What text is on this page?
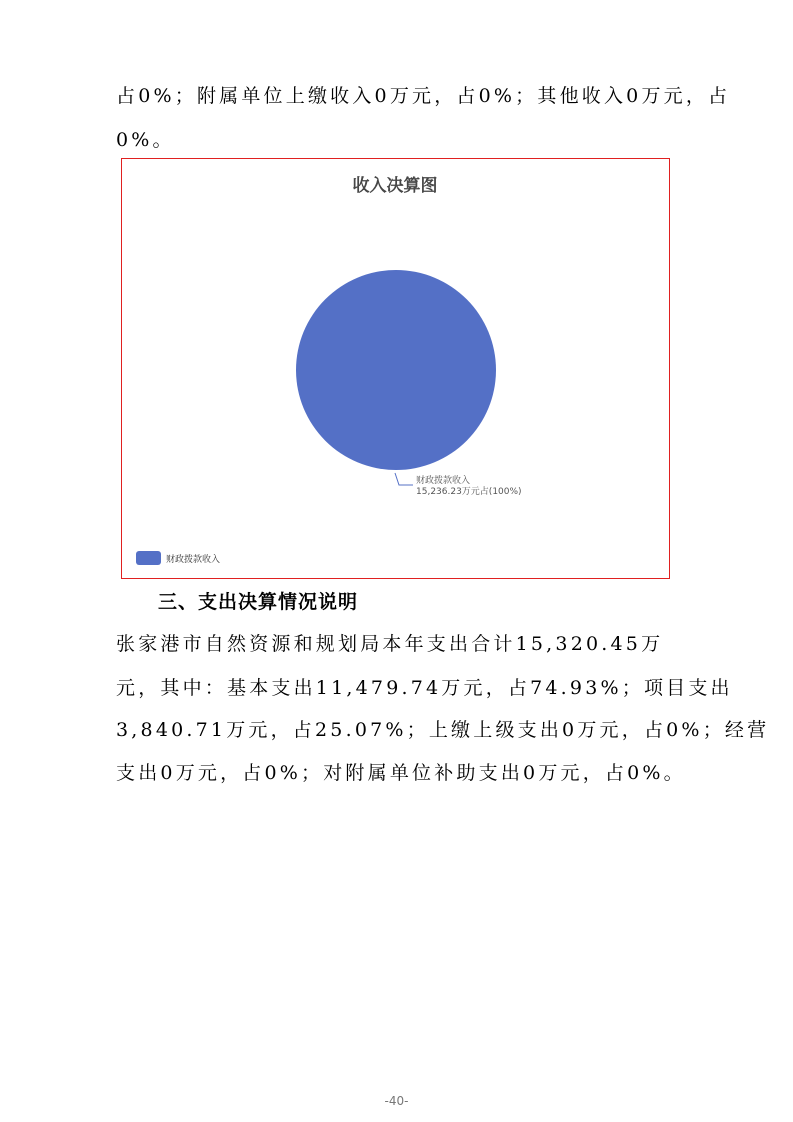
占0%；附属单位上缴收入0万元，占0%；其他收入0万元，占
0%。
收入决算图
财政拨款收入
15,236.23万元占(100%)
财政拨款收入
三、支出决算情况说明
张家港市自然资源和规划局本年支出合计15,320.45万
元，其中：基本支出11,479.74万元，占74.93%；项目支出
3,840.71万元，占25.07%；上缴上级支出0万元，占0%；经营
支出0万元，占0%；对附属单位补助支出0万元，占0%。
-40-
